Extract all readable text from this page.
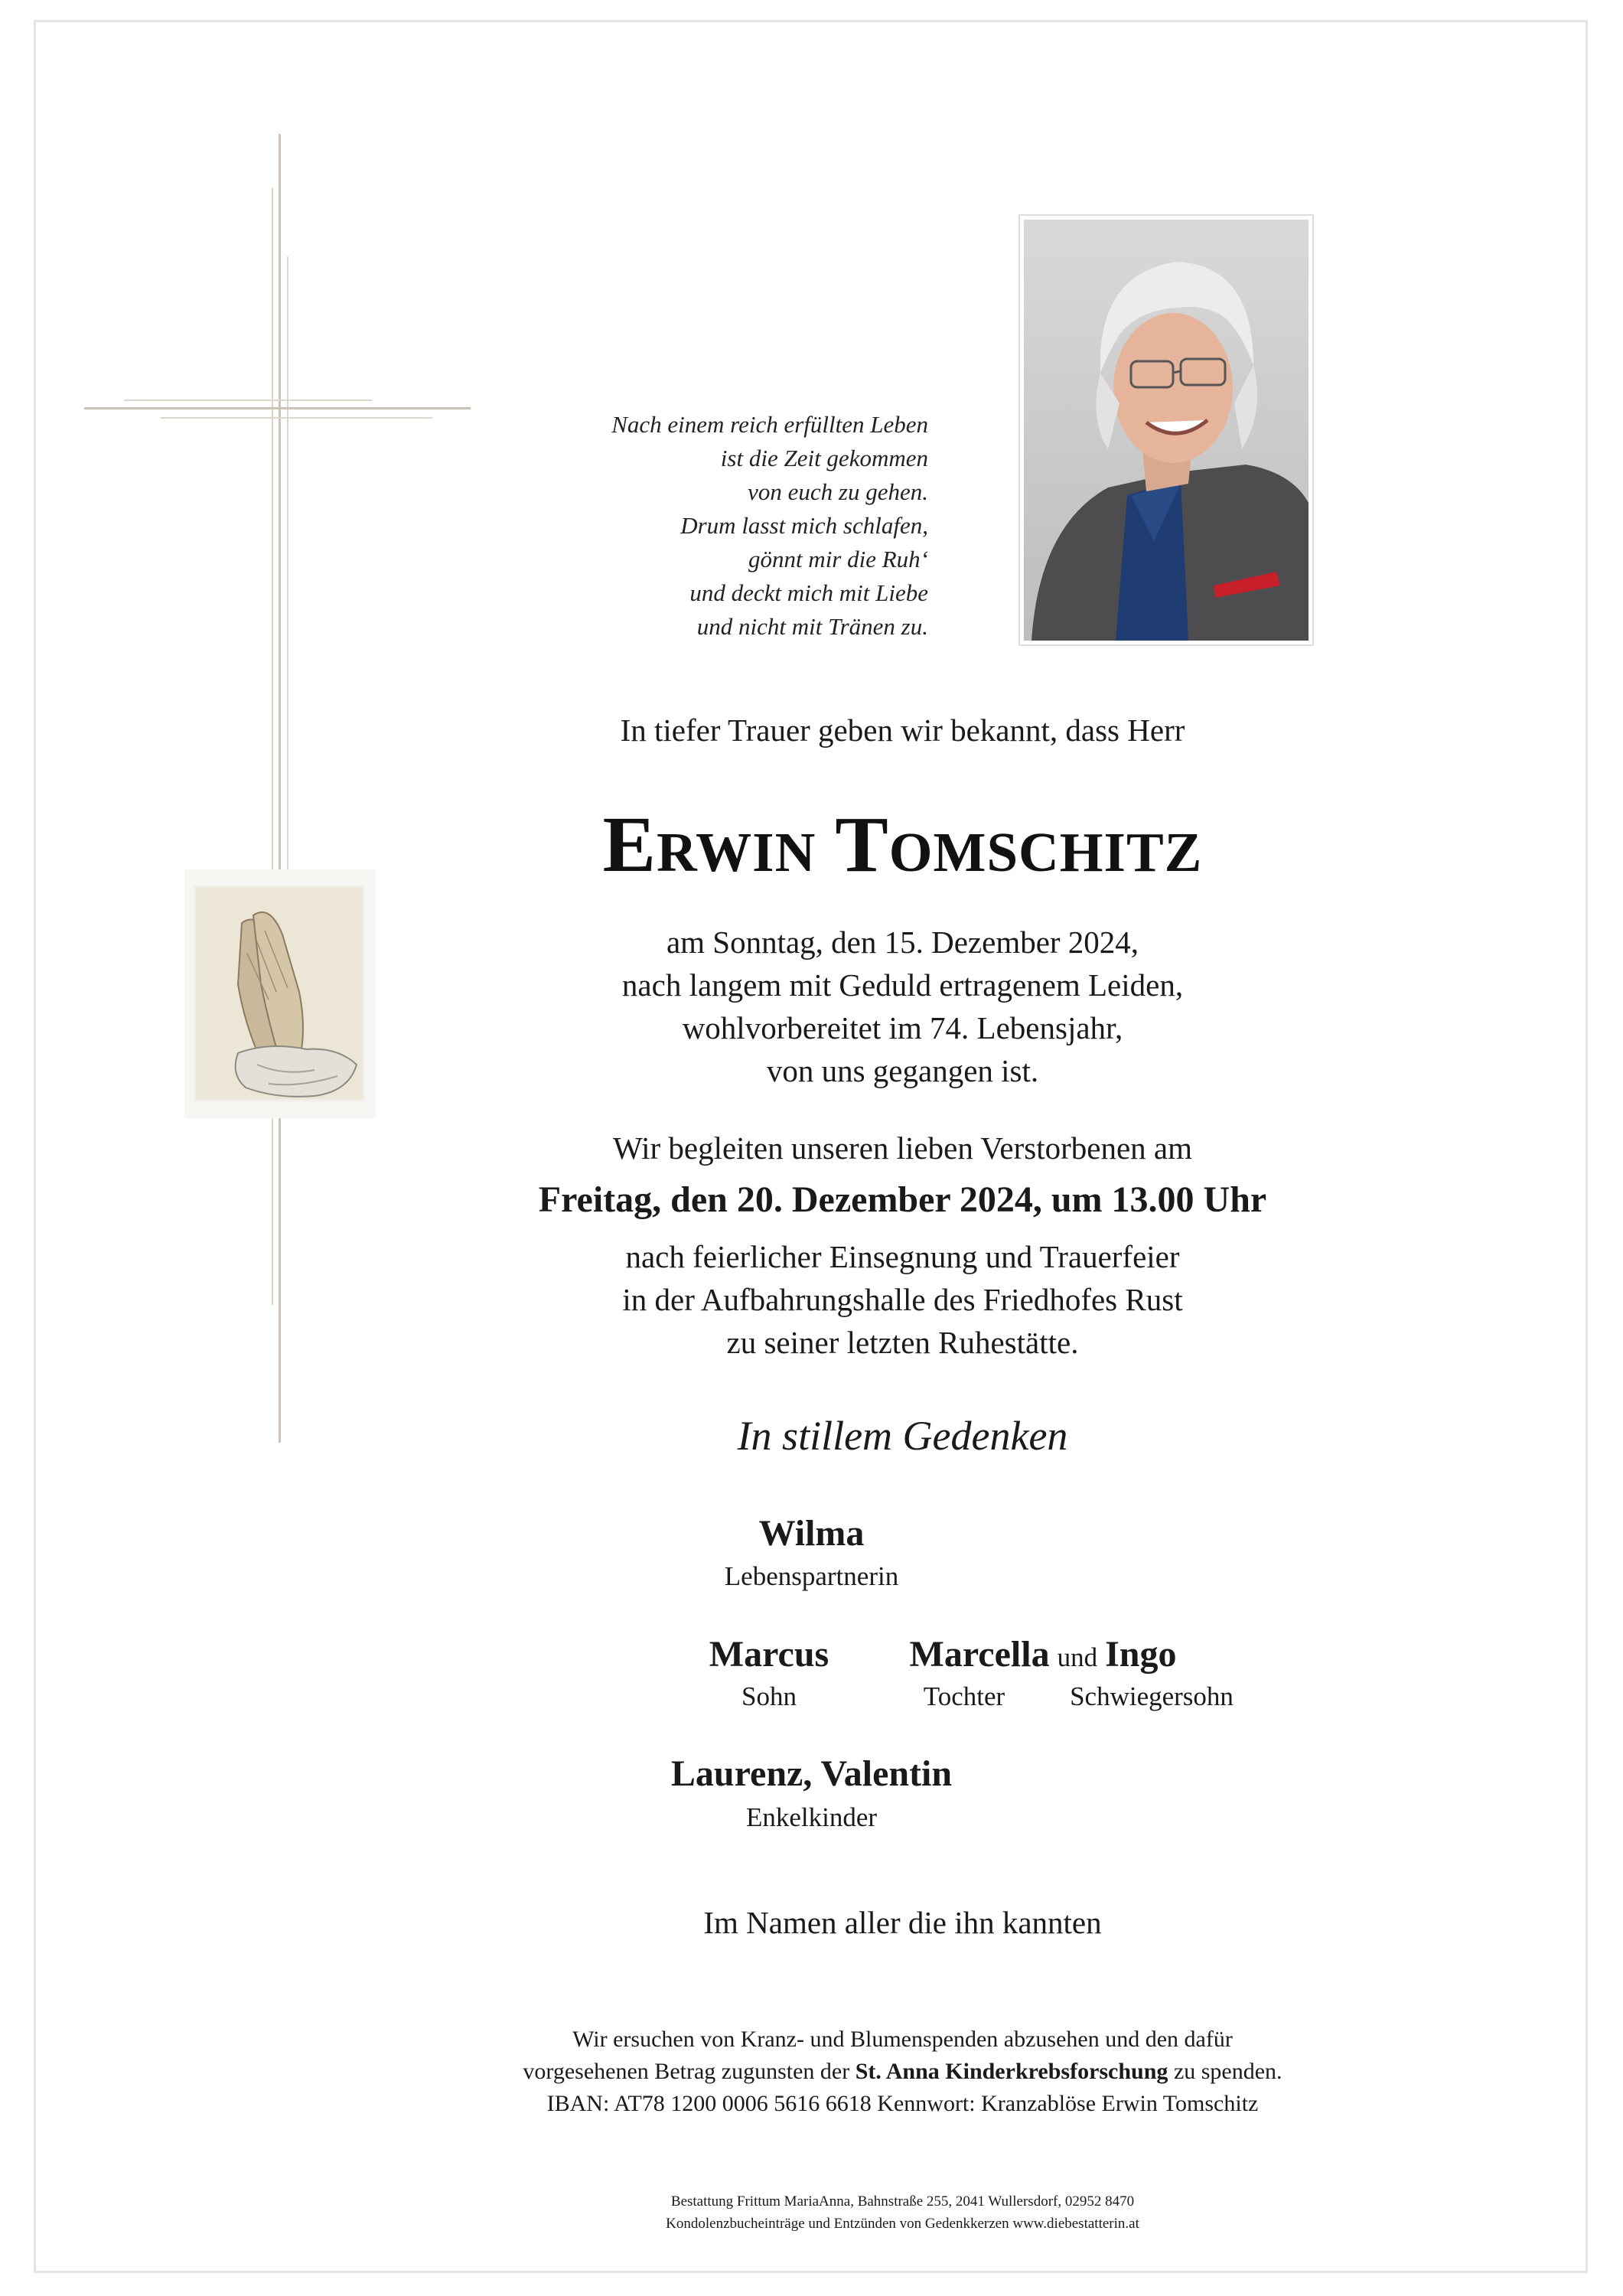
Nach einem reich erfüllten Leben
ist die Zeit gekommen
von euch zu gehen.
Drum lasst mich schlafen,
gönnt mir die Ruh‘
und deckt mich mit Liebe
und nicht mit Tränen zu.
In tiefer Trauer geben wir bekannt, dass Herr
Erwin Tomschitz
am Sonntag, den 15. Dezember 2024,
nach langem mit Geduld ertragenem Leiden,
wohlvorbereitet im 74. Lebensjahr,
von uns gegangen ist.
Wir begleiten unseren lieben Verstorbenen am
Freitag, den 20. Dezember 2024, um 13.00 Uhr
nach feierlicher Einsegnung und Trauerfeier
in der Aufbahrungshalle des Friedhofes Rust
zu seiner letzten Ruhestätte.
In stillem Gedenken
Wilma
Lebenspartnerin
Marcus
Sohn
Marcella und Ingo
Tochter	Schwiegersohn
Laurenz, Valentin
Enkelkinder
Im Namen aller die ihn kannten
Wir ersuchen von Kranz- und Blumenspenden abzusehen und den dafür
vorgesehenen Betrag zugunsten der St. Anna Kinderkrebsforschung zu spenden.
IBAN: AT78 1200 0006 5616 6618 Kennwort: Kranzablöse Erwin Tomschitz
Bestattung Frittum MariaAnna, Bahnstraße 255, 2041 Wullersdorf, 02952 8470
Kondolenzbucheinträge und Entzünden von Gedenkkerzen www.diebestatterin.at
